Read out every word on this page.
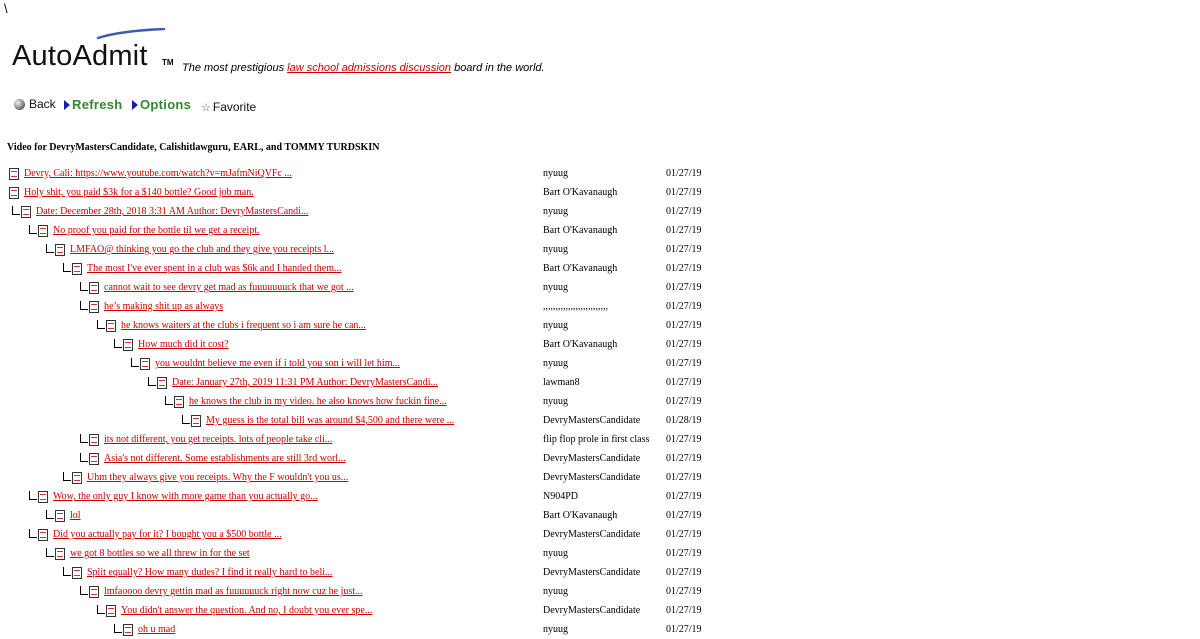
\
AutoAdmit TM The most prestigious law school admissions discussion board in the world.
Back Refresh Options ☆ Favorite
Video for DevryMastersCandidate, Calishitlawguru, EARL, and TOMMY TURDSKIN
Devry, Cali: https://www.youtube.com/watch?v=mJafmNiQVFc ...	nyuug	01/27/19
Holy shit, you paid $3k for a $140 bottle? Good job man.	Bart O'Kavanaugh	01/27/19
Date: December 28th, 2018 3:31 AM Author: DevryMastersCandi...	nyuug	01/27/19
No proof you paid for the bottle til we get a receipt.	Bart O'Kavanaugh	01/27/19
LMFAO@ thinking you go the club and they give you receipts l...	nyuug	01/27/19
The most I've ever spent in a club was $6k and I handed them...	Bart O'Kavanaugh	01/27/19
cannot wait to see devry get mad as fuuuuuuuck that we got ...	nyuug	01/27/19
he’s making shit up as always	,,,,,,,,,,,,,,,,,,,,,,,,,,	01/27/19
he knows waiters at the clubs i frequent so i am sure he can...	nyuug	01/27/19
How much did it cost?	Bart O'Kavanaugh	01/27/19
you wouldnt believe me even if i told you son i will let him...	nyuug	01/27/19
Date: January 27th, 2019 11:31 PM Author: DevryMastersCandi...	lawman8	01/27/19
he knows the club in my video. he also knows how fuckin fine...	nyuug	01/27/19
My guess is the total bill was around $4,500 and there were ...	DevryMastersCandidate	01/28/19
its not different, you get receipts. lots of people take cli...	flip flop prole in first class 01/27/19
Asia's not different. Some establishments are still 3rd worl...	DevryMastersCandidate	01/27/19
Uhm they always give you receipts. Why the F wouldn't you us...	DevryMastersCandidate	01/27/19
Wow, the only guy I know with more game than you actually go...	N904PD	01/27/19
lol	Bart O'Kavanaugh	01/27/19
Did you actually pay for it? I bought you a $500 bottle ...	DevryMastersCandidate	01/27/19
we got 8 bottles so we all threw in for the set	nyuug	01/27/19
Split equally? How many dudes? I find it really hard to beli...	DevryMastersCandidate	01/27/19
lmfaoooo devry gettin mad as fuuuuuuck right now cuz he just...	nyuug	01/27/19
You didn't answer the question. And no, I doubt you ever spe...	DevryMastersCandidate	01/27/19
oh u mad	nyuug	01/27/19
